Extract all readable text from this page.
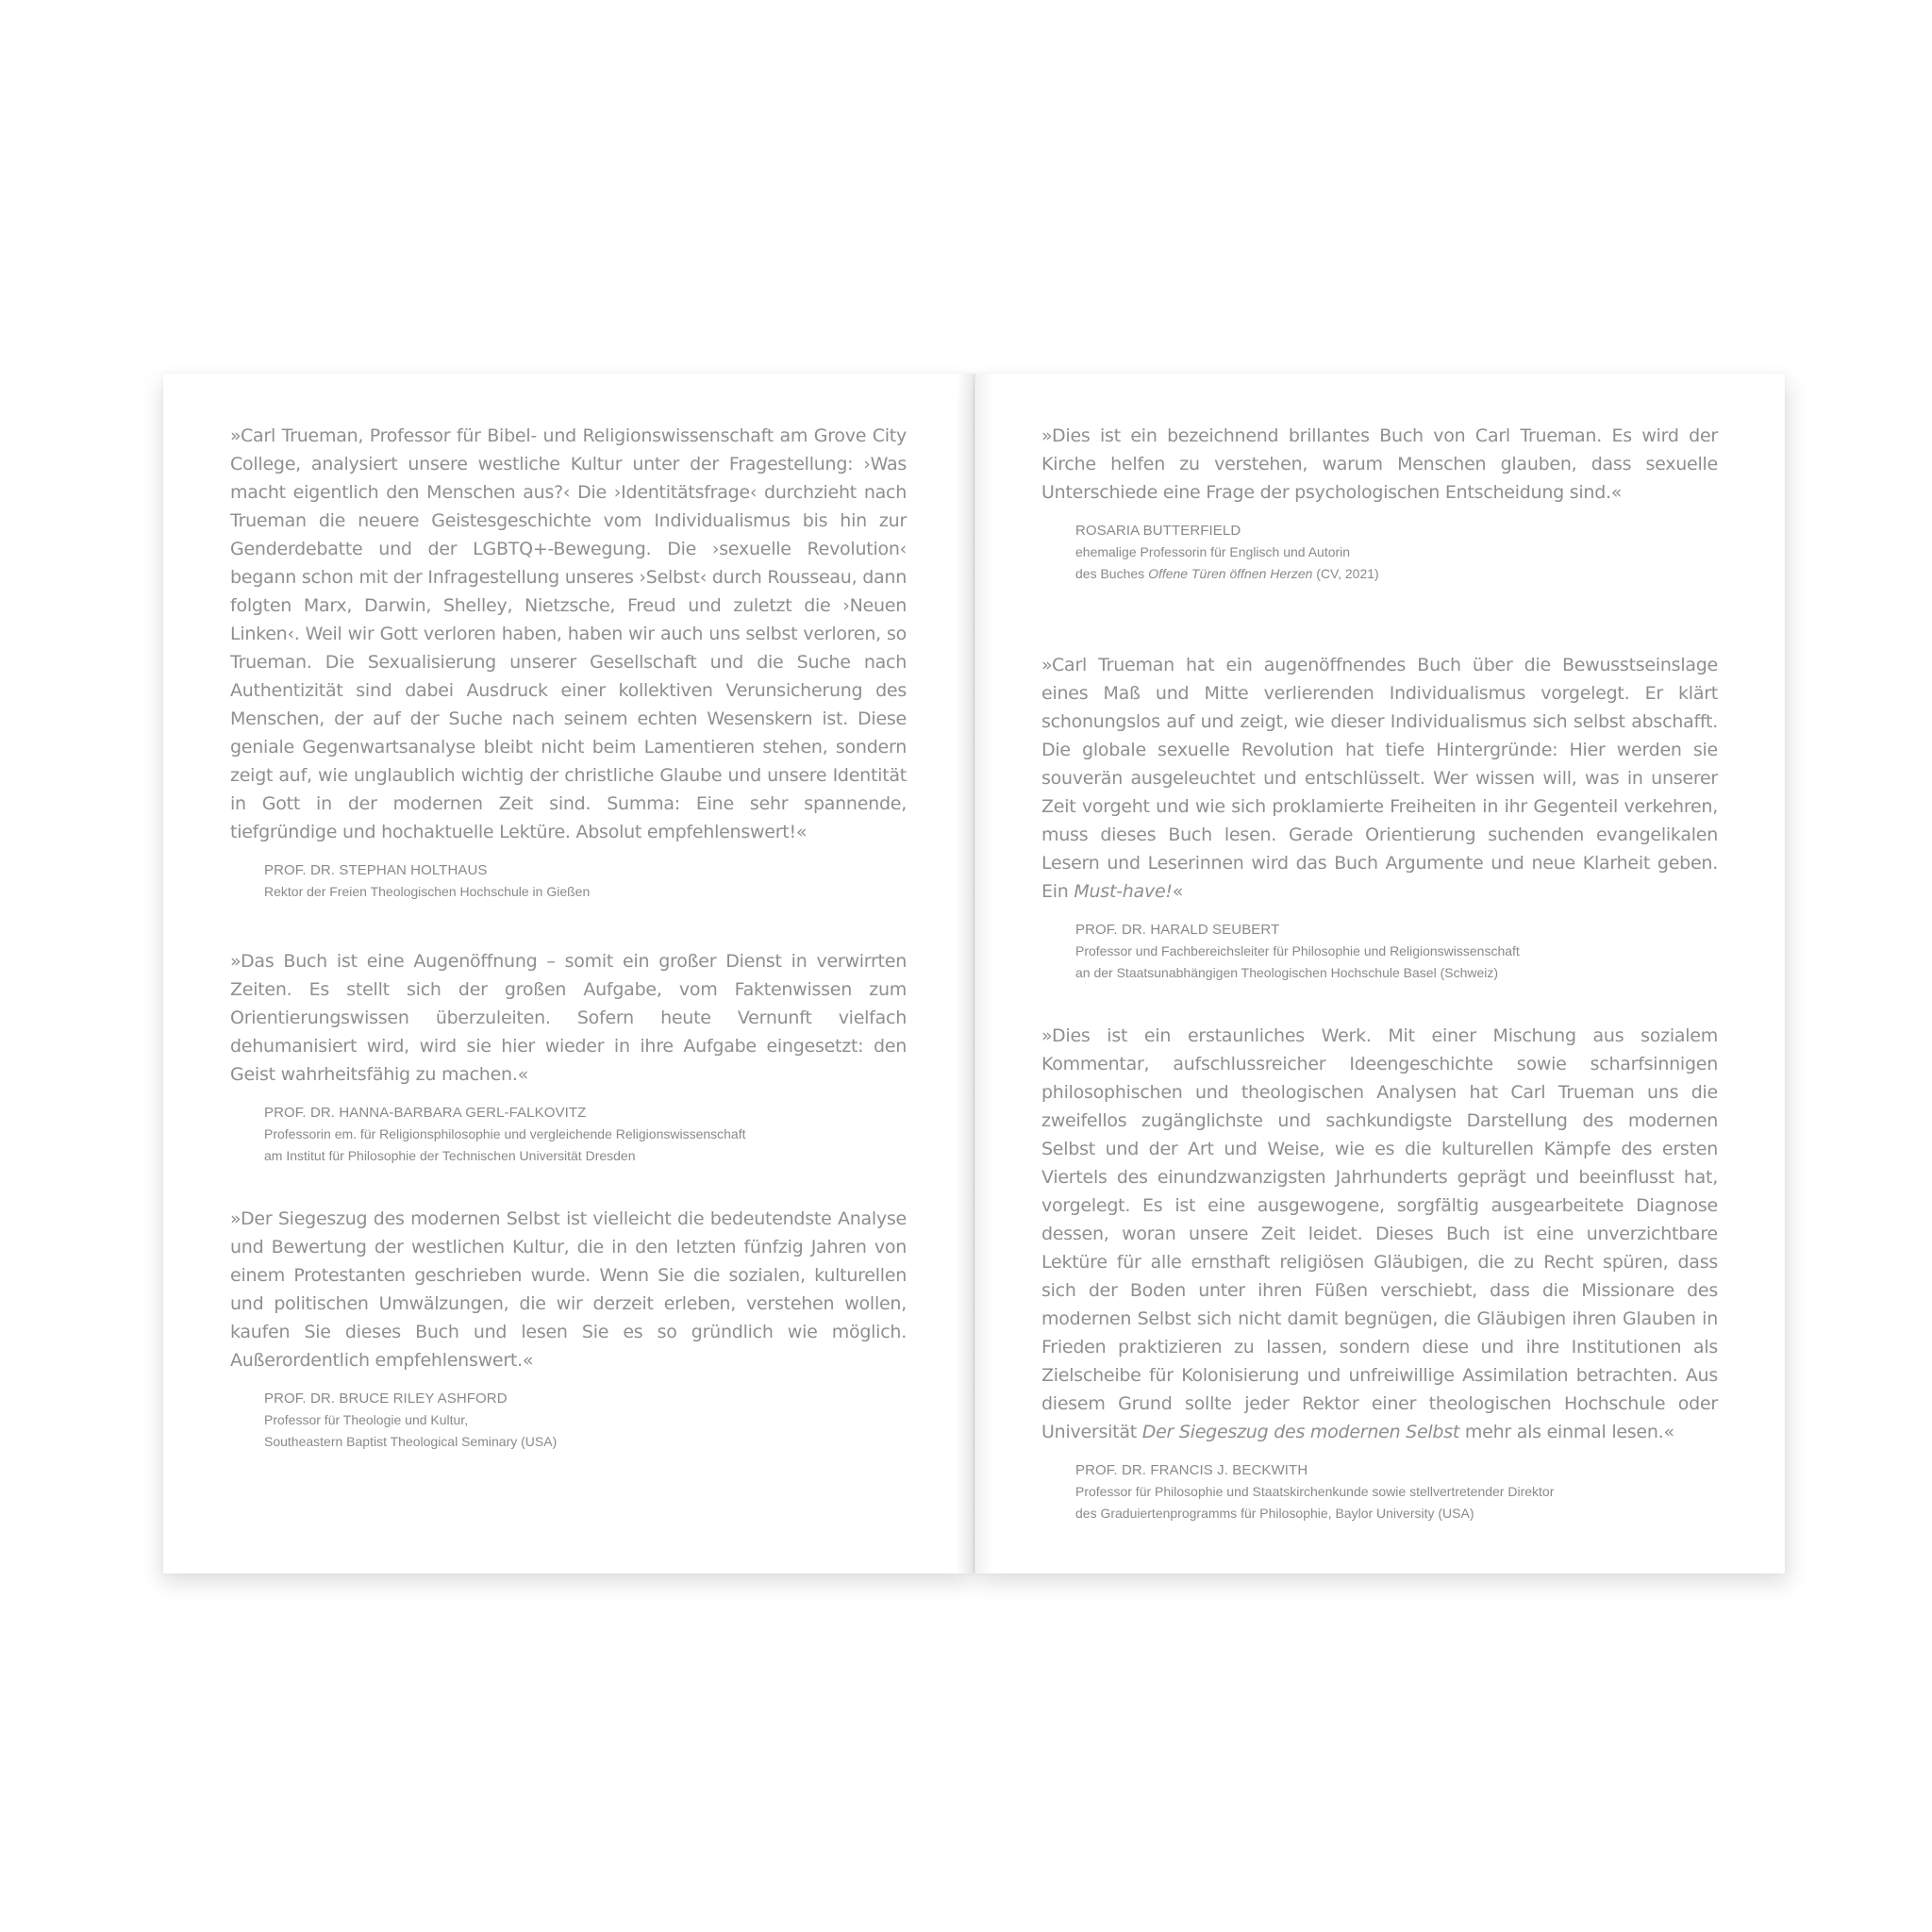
»Carl Trueman, Professor für Bibel- und Religionswissenschaft am Grove City College, analysiert unsere westliche Kultur unter der Fragestellung: ›Was macht eigentlich den Menschen aus?‹ Die ›Identitätsfrage‹ durchzieht nach Trueman die neuere Geistesgeschichte vom Individualismus bis hin zur Genderdebatte und der LGBTQ+-Bewegung. Die ›sexuelle Revolution‹ begann schon mit der Infragestellung unseres ›Selbst‹ durch Rousseau, dann folgten Marx, Darwin, Shelley, Nietzsche, Freud und zuletzt die ›Neuen Linken‹. Weil wir Gott verloren haben, haben wir auch uns selbst verloren, so Trueman. Die Sexualisierung unserer Gesellschaft und die Suche nach Authentizität sind dabei Ausdruck einer kollektiven Verunsicherung des Menschen, der auf der Suche nach seinem echten Wesenskern ist. Diese geniale Gegenwartsanalyse bleibt nicht beim Lamentieren stehen, sondern zeigt auf, wie unglaublich wichtig der christliche Glaube und unsere Identität in Gott in der modernen Zeit sind. Summa: Eine sehr spannende, tiefgründige und hochaktuelle Lektüre. Absolut empfehlenswert!«

PROF. DR. STEPHAN HOLTHAUS
Rektor der Freien Theologischen Hochschule in Gießen

»Das Buch ist eine Augenöffnung – somit ein großer Dienst in verwirrten Zeiten. Es stellt sich der großen Aufgabe, vom Faktenwissen zum Orientierungswissen überzuleiten. Sofern heute Vernunft vielfach dehumanisiert wird, wird sie hier wieder in ihre Aufgabe eingesetzt: den Geist wahrheitsfähig zu machen.«

PROF. DR. HANNA-BARBARA GERL-FALKOVITZ
Professorin em. für Religionsphilosophie und vergleichende Religionswissenschaft
am Institut für Philosophie der Technischen Universität Dresden

»Der Siegeszug des modernen Selbst ist vielleicht die bedeutendste Analyse und Bewertung der westlichen Kultur, die in den letzten fünfzig Jahren von einem Protestanten geschrieben wurde. Wenn Sie die sozialen, kulturellen und politischen Umwälzungen, die wir derzeit erleben, verstehen wollen, kaufen Sie dieses Buch und lesen Sie es so gründlich wie möglich. Außerordentlich empfehlenswert.«

PROF. DR. BRUCE RILEY ASHFORD
Professor für Theologie und Kultur,
Southeastern Baptist Theological Seminary (USA)

»Dies ist ein bezeichnend brillantes Buch von Carl Trueman. Es wird der Kirche helfen zu verstehen, warum Menschen glauben, dass sexuelle Unterschiede eine Frage der psychologischen Entscheidung sind.«

ROSARIA BUTTERFIELD
ehemalige Professorin für Englisch und Autorin
des Buches Offene Türen öffnen Herzen (CV, 2021)

»Carl Trueman hat ein augenöffnendes Buch über die Bewusstseinslage eines Maß und Mitte verlierenden Individualismus vorgelegt. Er klärt schonungslos auf und zeigt, wie dieser Individualismus sich selbst abschafft. Die globale sexuelle Revolution hat tiefe Hintergründe: Hier werden sie souverän ausgeleuchtet und entschlüsselt. Wer wissen will, was in unserer Zeit vorgeht und wie sich proklamierte Freiheiten in ihr Gegenteil verkehren, muss dieses Buch lesen. Gerade Orientierung suchenden evangelikalen Lesern und Leserinnen wird das Buch Argumente und neue Klarheit geben. Ein Must-have!«

PROF. DR. HARALD SEUBERT
Professor und Fachbereichsleiter für Philosophie und Religionswissenschaft
an der Staatsunabhängigen Theologischen Hochschule Basel (Schweiz)

»Dies ist ein erstaunliches Werk. Mit einer Mischung aus sozialem Kommentar, aufschlussreicher Ideengeschichte sowie scharfsinnigen philosophischen und theologischen Analysen hat Carl Trueman uns die zweifellos zugänglichste und sachkundigste Darstellung des modernen Selbst und der Art und Weise, wie es die kulturellen Kämpfe des ersten Viertels des einundzwanzigsten Jahrhunderts geprägt und beeinflusst hat, vorgelegt. Es ist eine ausgewogene, sorgfältig ausgearbeitete Diagnose dessen, woran unsere Zeit leidet. Dieses Buch ist eine unverzichtbare Lektüre für alle ernsthaft religiösen Gläubigen, die zu Recht spüren, dass sich der Boden unter ihren Füßen verschiebt, dass die Missionare des modernen Selbst sich nicht damit begnügen, die Gläubigen ihren Glauben in Frieden praktizieren zu lassen, sondern diese und ihre Institutionen als Zielscheibe für Kolonisierung und unfreiwillige Assimilation betrachten. Aus diesem Grund sollte jeder Rektor einer theologischen Hochschule oder Universität Der Siegeszug des modernen Selbst mehr als einmal lesen.«

PROF. DR. FRANCIS J. BECKWITH
Professor für Philosophie und Staatskirchenkunde sowie stellvertretender Direktor
des Graduiertenprogramms für Philosophie, Baylor University (USA)
